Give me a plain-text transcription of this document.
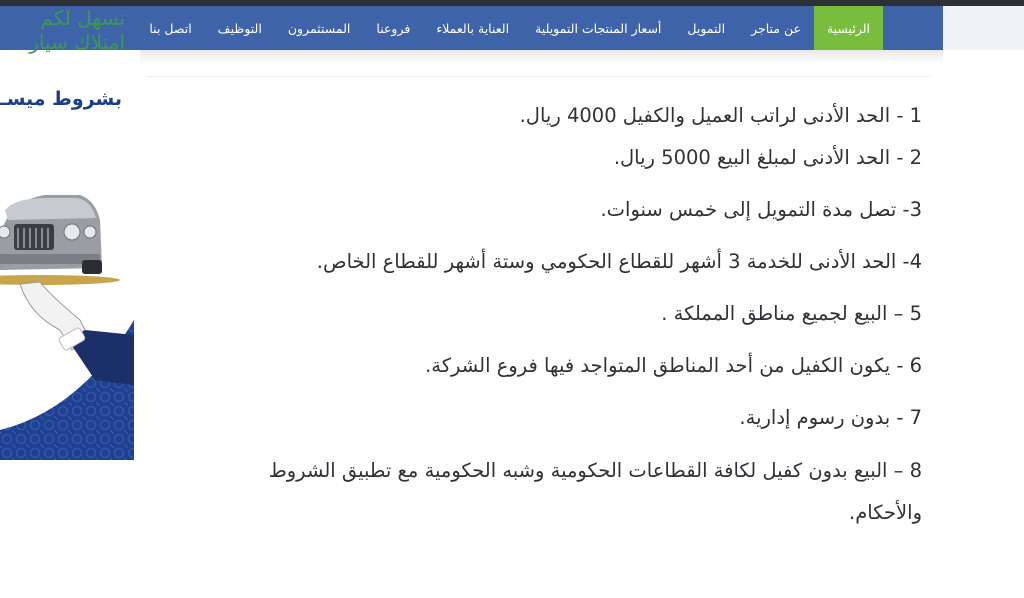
الرئيسية
عن متاجر
التمويل
أسعار المنتجات التمويلية
العناية بالعملاء
فروعنا
المستثمرون
التوظيف
اتصل بنا
نسهل لكم
امتلاك سيار
بشروط ميسـ

1 - الحد الأدنى لراتب العميل والكفيل 4000 ريال.

2 - الحد الأدنى لمبلغ البيع 5000 ريال.

3- تصل مدة التمويل إلى خمس سنوات.

4- الحد الأدنى للخدمة 3 أشهر للقطاع الحكومي وستة أشهر للقطاع الخاص.

5 – البيع لجميع مناطق المملكة .

6 - يكون الكفيل من أحد المناطق المتواجد فيها فروع الشركة.

7 - بدون رسوم إدارية.

8 – البيع بدون كفيل لكافة القطاعات الحكومية وشبه الحكومية مع تطبيق الشروط والأحكام.
